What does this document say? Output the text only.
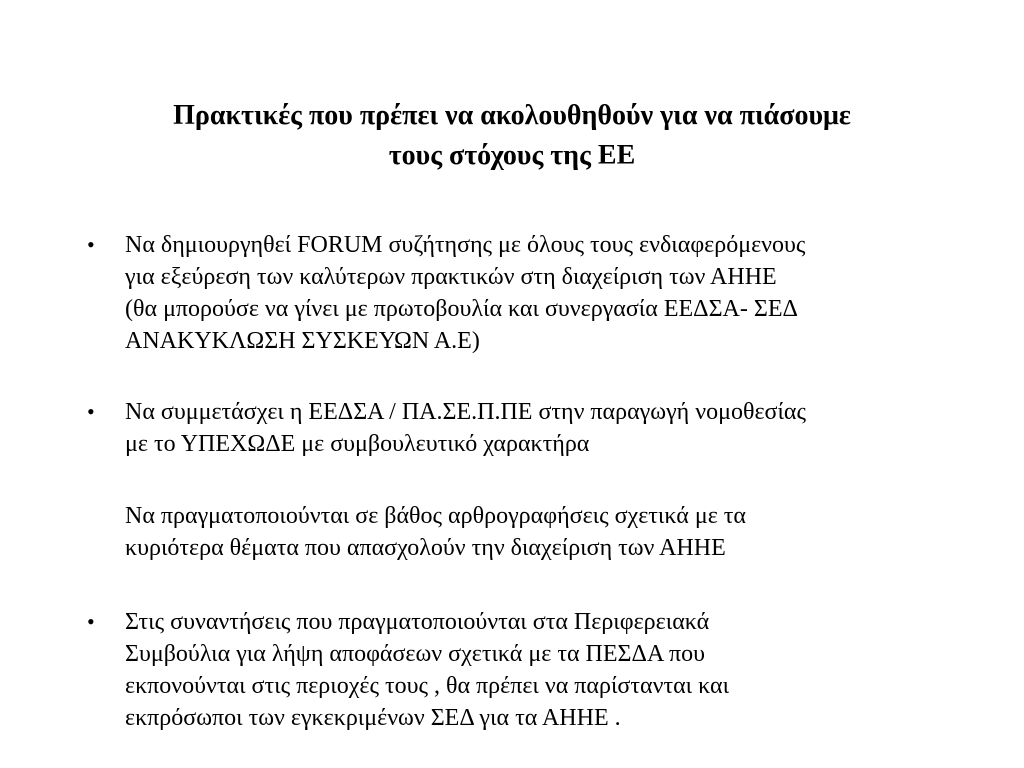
Πρακτικές που πρέπει να ακολουθηθούν για να πιάσουμε
τους στόχους της ΕΕ
• Να δημιουργηθεί FORUM συζήτησης με όλους τους ενδιαφερόμενους
για εξεύρεση των καλύτερων πρακτικών στη διαχείριση των ΑΗΗΕ
(θα μπορούσε να γίνει με πρωτοβουλία και συνεργασία ΕΕΔΣΑ- ΣΕΔ
ΑΝΑΚΥΚΛΩΣΗ ΣΥΣΚΕΥΩΝ Α.Ε)
• Να συμμετάσχει η ΕΕΔΣΑ / ΠΑ.ΣΕ.Π.ΠΕ στην παραγωγή νομοθεσίας
με το ΥΠΕΧΩΔΕ με συμβουλευτικό χαρακτήρα
Να πραγματοποιούνται σε βάθος αρθρογραφήσεις σχετικά με τα
κυριότερα θέματα που απασχολούν την διαχείριση των ΑΗΗΕ
• Στις συναντήσεις που πραγματοποιούνται στα Περιφερειακά
Συμβούλια για λήψη αποφάσεων σχετικά με τα ΠΕΣΔΑ που
εκπονούνται στις περιοχές τους , θα πρέπει να παρίστανται και
εκπρόσωποι των εγκεκριμένων ΣΕΔ για τα ΑΗΗΕ .
